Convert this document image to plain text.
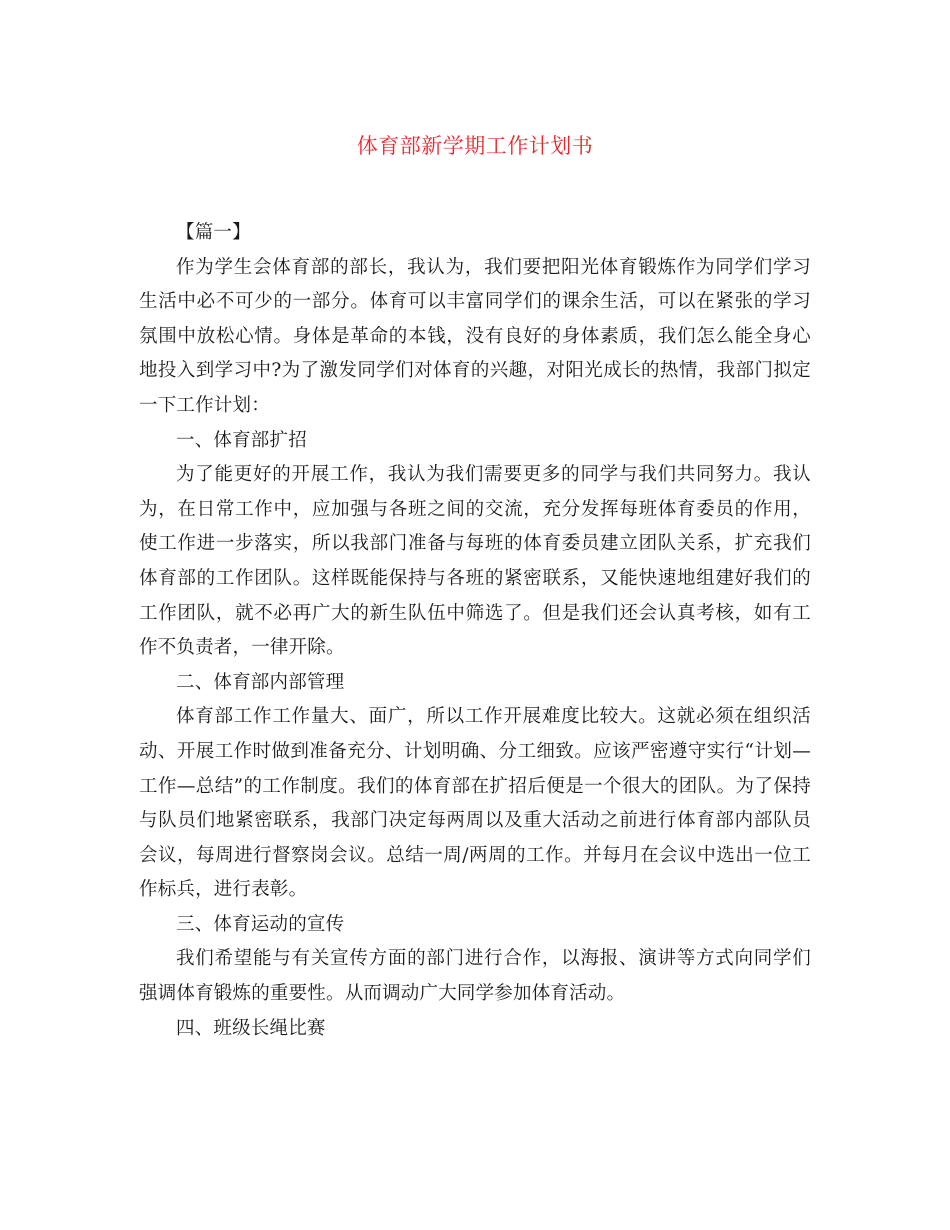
体育部新学期工作计划书

【篇一】

作为学生会体育部的部长，我认为，我们要把阳光体育锻炼作为同学们学习生活中必不可少的一部分。体育可以丰富同学们的课余生活，可以在紧张的学习氛围中放松心情。身体是革命的本钱，没有良好的身体素质，我们怎么能全身心地投入到学习中?为了激发同学们对体育的兴趣，对阳光成长的热情，我部门拟定一下工作计划：

一、体育部扩招

为了能更好的开展工作，我认为我们需要更多的同学与我们共同努力。我认为，在日常工作中，应加强与各班之间的交流，充分发挥每班体育委员的作用，使工作进一步落实，所以我部门准备与每班的体育委员建立团队关系，扩充我们体育部的工作团队。这样既能保持与各班的紧密联系，又能快速地组建好我们的工作团队，就不必再广大的新生队伍中筛选了。但是我们还会认真考核，如有工作不负责者，一律开除。

二、体育部内部管理

体育部工作工作量大、面广，所以工作开展难度比较大。这就必须在组织活动、开展工作时做到准备充分、计划明确、分工细致。应该严密遵守实行“计划—工作—总结”的工作制度。我们的体育部在扩招后便是一个很大的团队。为了保持与队员们地紧密联系，我部门决定每两周以及重大活动之前进行体育部内部队员会议，每周进行督察岗会议。总结一周/两周的工作。并每月在会议中选出一位工作标兵，进行表彰。

三、体育运动的宣传

我们希望能与有关宣传方面的部门进行合作，以海报、演讲等方式向同学们强调体育锻炼的重要性。从而调动广大同学参加体育活动。

四、班级长绳比赛
